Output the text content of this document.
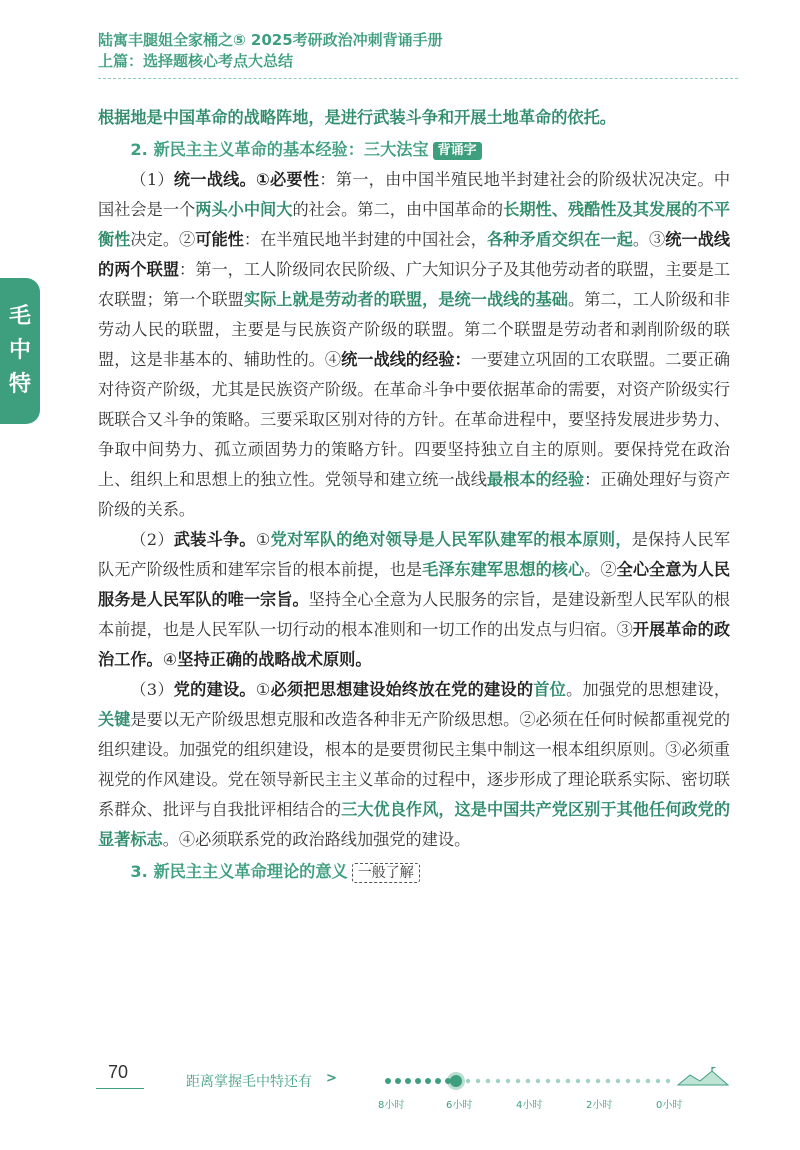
陆寓丰腿姐全家桶之⑤ 2025考研政治冲刺背诵手册
上篇：选择题核心考点大总结
毛
中
特

根据地是中国革命的战略阵地，是进行武装斗争和开展土地革命的依托。

2. 新民主主义革命的基本经验：三大法宝 背诵字

（1）统一战线。①必要性：第一，由中国半殖民地半封建社会的阶级状况决定。中国社会是一个两头小中间大的社会。第二，由中国革命的长期性、残酷性及其发展的不平衡性决定。②可能性：在半殖民地半封建的中国社会，各种矛盾交织在一起。③统一战线的两个联盟：第一，工人阶级同农民阶级、广大知识分子及其他劳动者的联盟，主要是工农联盟；第一个联盟实际上就是劳动者的联盟，是统一战线的基础。第二，工人阶级和非劳动人民的联盟，主要是与民族资产阶级的联盟。第二个联盟是劳动者和剥削阶级的联盟，这是非基本的、辅助性的。④统一战线的经验：一要建立巩固的工农联盟。二要正确对待资产阶级，尤其是民族资产阶级。在革命斗争中要依据革命的需要，对资产阶级实行既联合又斗争的策略。三要采取区别对待的方针。在革命进程中，要坚持发展进步势力、争取中间势力、孤立顽固势力的策略方针。四要坚持独立自主的原则。要保持党在政治上、组织上和思想上的独立性。党领导和建立统一战线最根本的经验：正确处理好与资产阶级的关系。

（2）武装斗争。①党对军队的绝对领导是人民军队建军的根本原则，是保持人民军队无产阶级性质和建军宗旨的根本前提，也是毛泽东建军思想的核心。②全心全意为人民服务是人民军队的唯一宗旨。坚持全心全意为人民服务的宗旨，是建设新型人民军队的根本前提，也是人民军队一切行动的根本准则和一切工作的出发点与归宿。③开展革命的政治工作。④坚持正确的战略战术原则。

（3）党的建设。①必须把思想建设始终放在党的建设的首位。加强党的思想建设，关键是要以无产阶级思想克服和改造各种非无产阶级思想。②必须在任何时候都重视党的组织建设。加强党的组织建设，根本的是要贯彻民主集中制这一根本组织原则。③必须重视党的作风建设。党在领导新民主主义革命的过程中，逐步形成了理论联系实际、密切联系群众、批评与自我批评相结合的三大优良作风，这是中国共产党区别于其他任何政党的显著标志。④必须联系党的政治路线加强党的建设。

3. 新民主主义革命理论的意义 一般了解
70	距离掌握毛中特还有 >
8小时	6小时	4小时	2小时	0小时
